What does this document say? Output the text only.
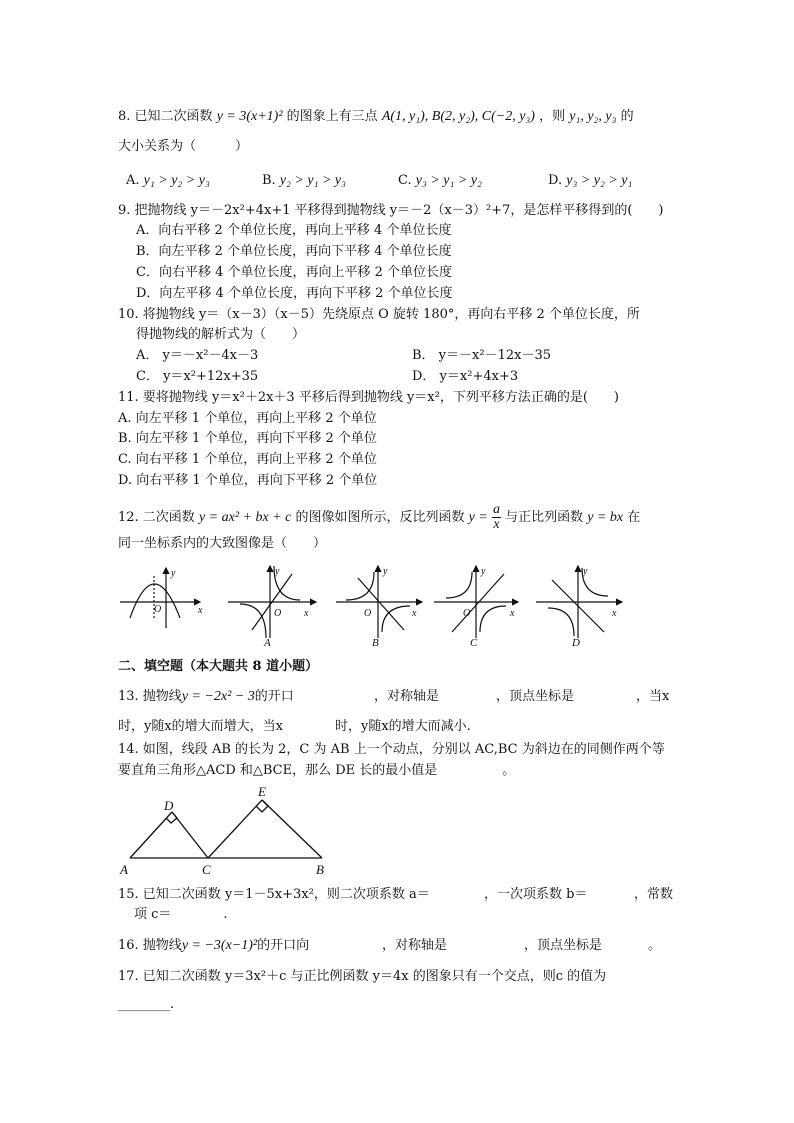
8. 已知二次函数 y = 3(x+1)² 的图象上有三点 A(1, y₁), B(2, y₂), C(−2, y₃) ，则 y₁, y₂, y₃ 的
大小关系为（　　　）
A. y₁ > y₂ > y₃	B. y₂ > y₁ > y₃	C. y₃ > y₁ > y₂	D. y₃ > y₂ > y₁
9. 把抛物线 y＝－2x²+4x+1 平移得到抛物线 y＝－2（x－3）²+7，是怎样平移得到的(　　)
A．向右平移 2 个单位长度，再向上平移 4 个单位长度
B．向左平移 2 个单位长度，再向下平移 4 个单位长度
C．向右平移 4 个单位长度，再向上平移 2 个单位长度
D．向左平移 4 个单位长度，再向下平移 2 个单位长度
10. 将抛物线 y＝（x－3）（x－5）先绕原点 O 旋转 180°，再向右平移 2 个单位长度，所
得抛物线的解析式为（　　）
A． y＝－x²－4x－3	B． y＝－x²－12x－35
C． y＝x²+12x+35	D． y＝x²+4x+3
11. 要将抛物线 y＝x²＋2x＋3 平移后得到抛物线 y＝x²，下列平移方法正确的是(　　)
A. 向左平移 1 个单位，再向上平移 2 个单位
B. 向左平移 1 个单位，再向下平移 2 个单位
C. 向右平移 1 个单位，再向上平移 2 个单位
D. 向右平移 1 个单位，再向下平移 2 个单位
12. 二次函数 y = ax² + bx + c 的图像如图所示，反比列函数 $y = \frac{a}{x}$ 与正比列函数 y = bx 在
同一坐标系内的大致图像是（　　）
y
O	x
y
O x
A
y
O	x
B
y
O	x
C
y
x
D
二、填空题（本大题共 8 道小题）
13. 抛物线y = −2x² − 3的开口	，对称轴是	，顶点坐标是	，当x
时，y随x的增大而增大，当x　　　　时，y随x的增大而减小.
14. 如图，线段 AB 的长为 2，C 为 AB 上一个动点，分别以 AC,BC 为斜边在的同侧作两个等
要直角三角形△ACD 和△BCE，那么 DE 长的最小值是　　　　　。
D
E
A	C	B
15. 已知二次函数 y＝1－5x+3x²，则二次项系数 a＝	，一次项系数 b＝	，常数
项 c＝　　　　.
16. 抛物线y = −3(x−1)²的开口向	，对称轴是	，顶点坐标是	。
17. 已知二次函数 y＝3x²＋c 与正比例函数 y＝4x 的图象只有一个交点，则c 的值为
________.
